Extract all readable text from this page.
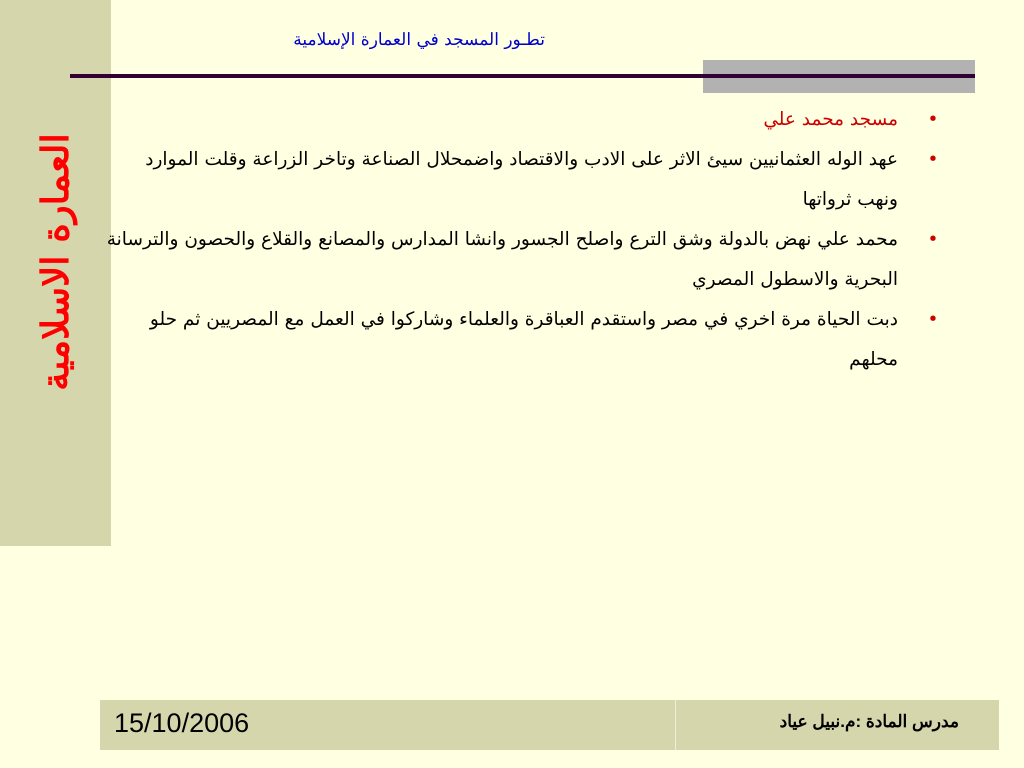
العمارة الاسلامية
تطـور المسجد في العمارة الإسلامية

•
مسجد محمد علي

•
عهد الوله العثمانيين سيئ الاثر على الادب والاقتصاد واضمحلال الصناعة وتاخر الزراعة وقلت الموارد ونهب ثرواتها

•
محمد علي نهض بالدولة وشق الترع واصلح الجسور وانشا المدارس والمصانع والقلاع والحصون والترسانة البحرية والاسطول المصري

•
دبت الحياة مرة اخري في مصر واستقدم العباقرة والعلماء وشاركوا في العمل مع المصريين ثم حلو محلهم

15/10/2006	مدرس المادة :م.نبيل عياد
